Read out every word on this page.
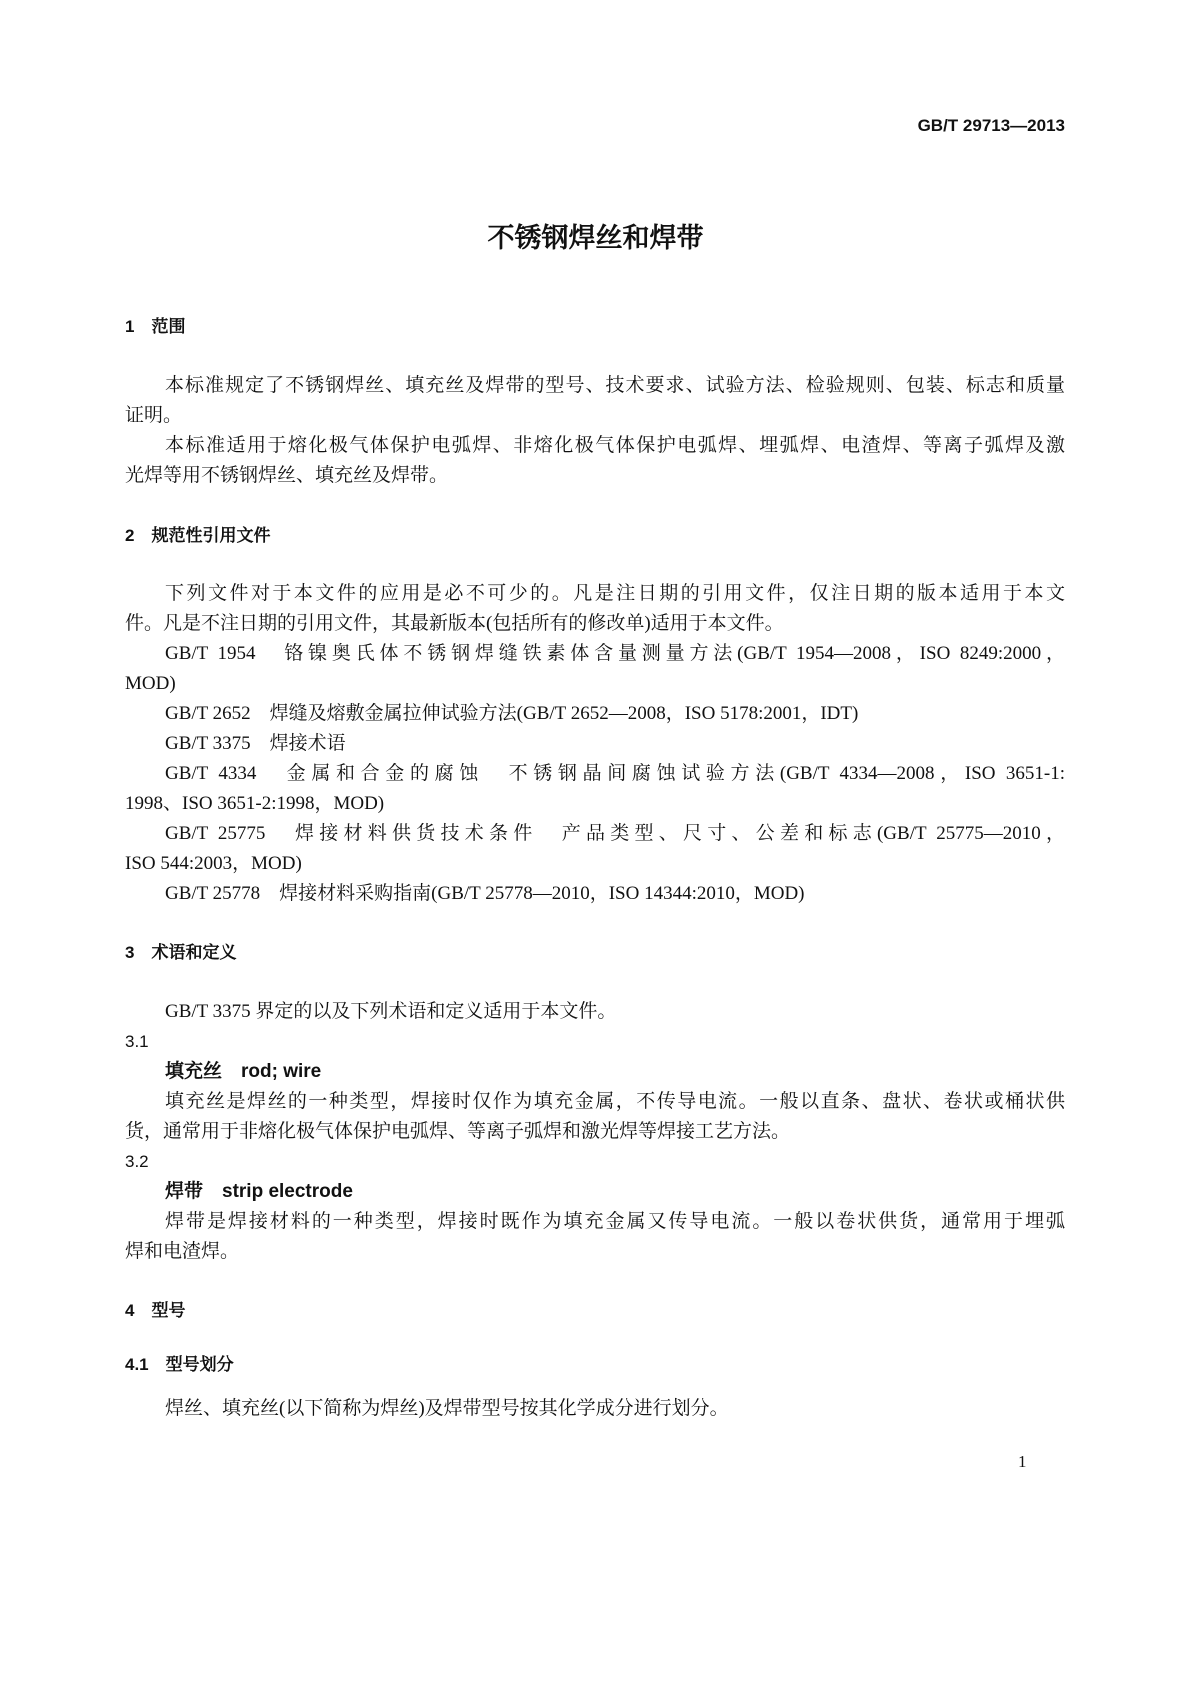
GB/T 29713—2013
不锈钢焊丝和焊带
1　范围
本标准规定了不锈钢焊丝、填充丝及焊带的型号、技术要求、试验方法、检验规则、包装、标志和质量
证明。
本标准适用于熔化极气体保护电弧焊、非熔化极气体保护电弧焊、埋弧焊、电渣焊、等离子弧焊及激
光焊等用不锈钢焊丝、填充丝及焊带。
2　规范性引用文件
下列文件对于本文件的应用是必不可少的。凡是注日期的引用文件，仅注日期的版本适用于本文
件。凡是不注日期的引用文件，其最新版本(包括所有的修改单)适用于本文件。
GB/T 1954　铬镍奥氏体不锈钢焊缝铁素体含量测量方法(GB/T 1954—2008，ISO 8249:2000，
MOD)
GB/T 2652　焊缝及熔敷金属拉伸试验方法(GB/T 2652—2008，ISO 5178:2001，IDT)
GB/T 3375　焊接术语
GB/T 4334　金属和合金的腐蚀　不锈钢晶间腐蚀试验方法(GB/T 4334—2008，ISO 3651-1:
1998、ISO 3651-2:1998，MOD)
GB/T 25775　焊接材料供货技术条件　产品类型、尺寸、公差和标志(GB/T 25775—2010，
ISO 544:2003，MOD)
GB/T 25778　焊接材料采购指南(GB/T 25778—2010，ISO 14344:2010，MOD)
3　术语和定义
GB/T 3375 界定的以及下列术语和定义适用于本文件。
3.1
填充丝　rod; wire
填充丝是焊丝的一种类型，焊接时仅作为填充金属，不传导电流。一般以直条、盘状、卷状或桶状供
货，通常用于非熔化极气体保护电弧焊、等离子弧焊和激光焊等焊接工艺方法。
3.2
焊带　strip electrode
焊带是焊接材料的一种类型，焊接时既作为填充金属又传导电流。一般以卷状供货，通常用于埋弧
焊和电渣焊。
4　型号
4.1　型号划分
焊丝、填充丝(以下简称为焊丝)及焊带型号按其化学成分进行划分。
1
